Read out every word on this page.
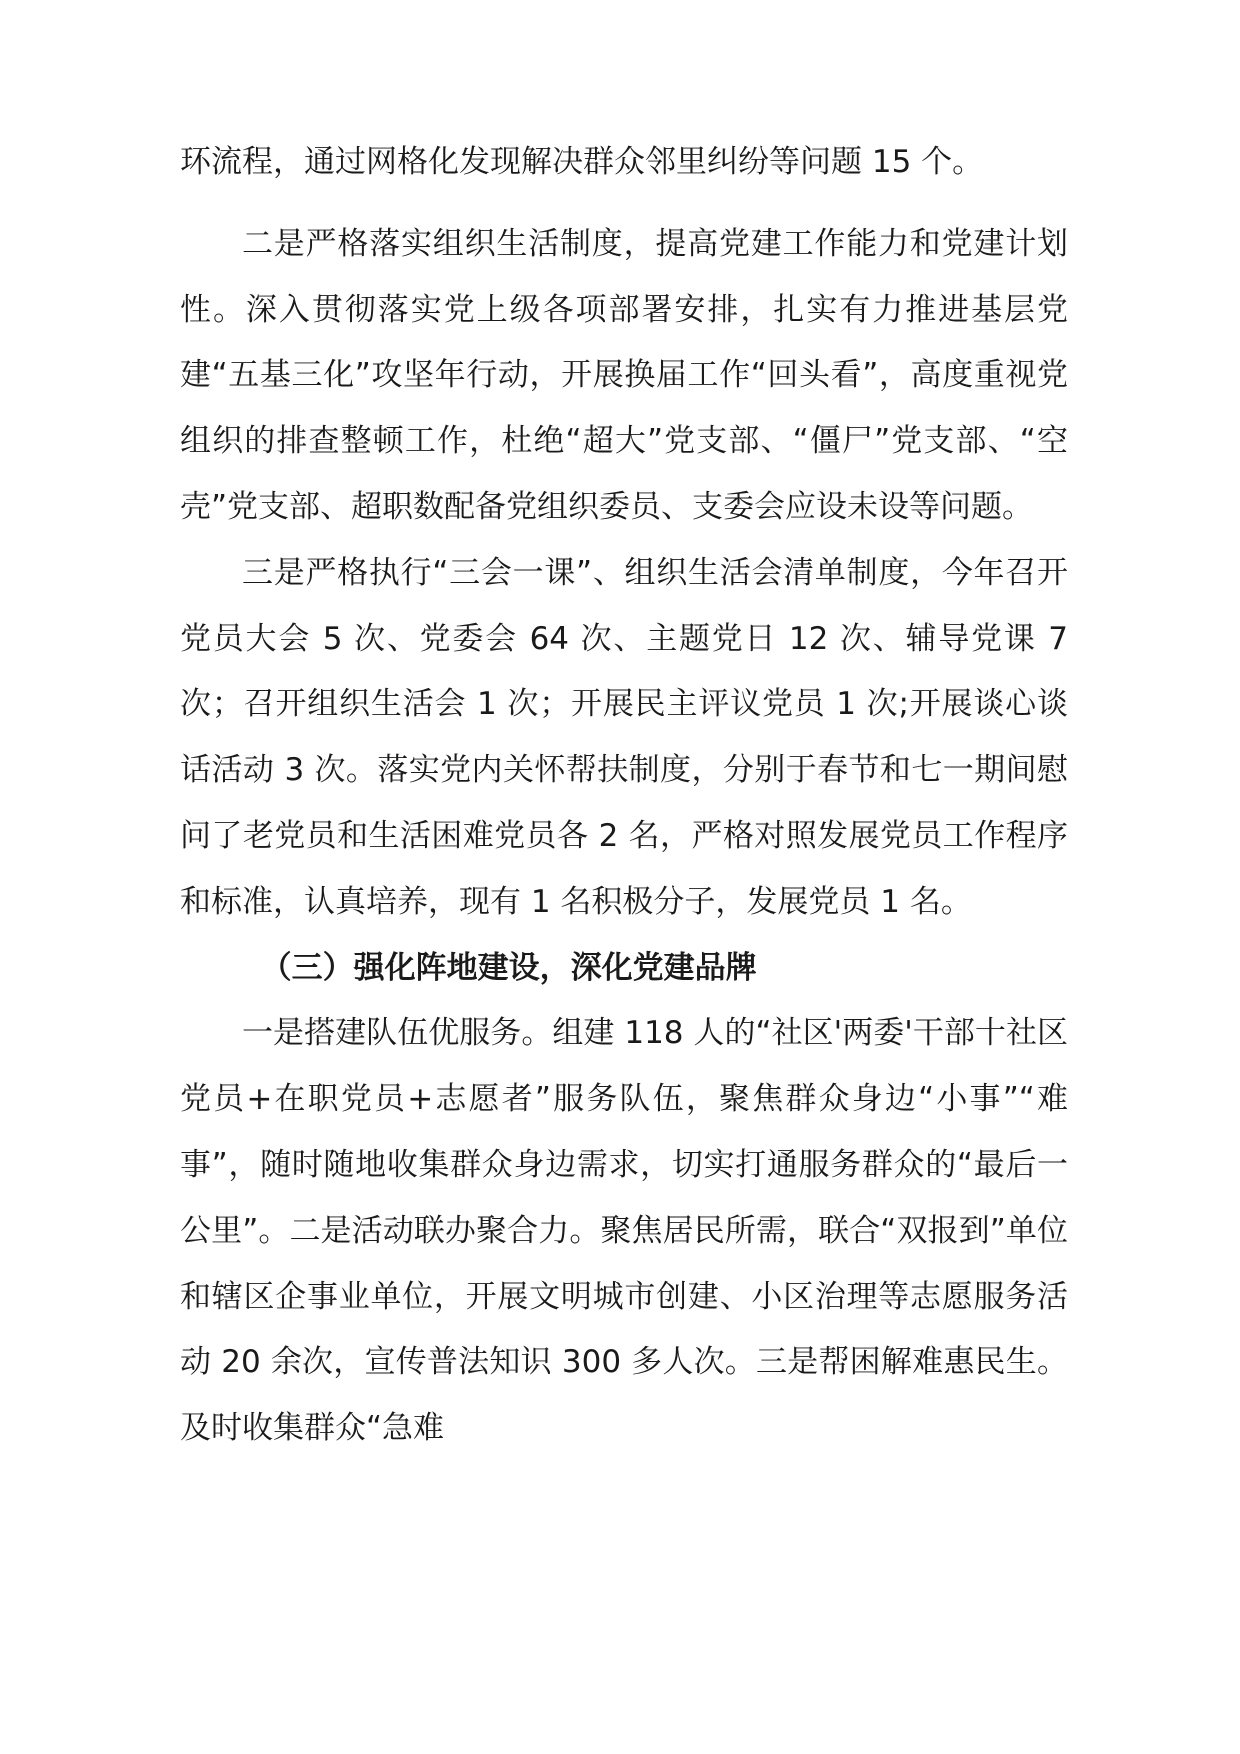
环流程，通过网格化发现解决群众邻里纠纷等问题 15 个。

二是严格落实组织生活制度，提高党建工作能力和党建计划性。深入贯彻落实党上级各项部署安排，扎实有力推进基层党建“五基三化”攻坚年行动，开展换届工作“回头看”，高度重视党组织的排查整顿工作，杜绝“超大”党支部、“僵尸”党支部、“空壳”党支部、超职数配备党组织委员、支委会应设未设等问题。

三是严格执行“三会一课”、组织生活会清单制度，今年召开党员大会 5 次、党委会 64 次、主题党日 12 次、辅导党课 7 次；召开组织生活会 1 次；开展民主评议党员 1 次;开展谈心谈话活动 3 次。落实党内关怀帮扶制度，分别于春节和七一期间慰问了老党员和生活困难党员各 2 名，严格对照发展党员工作程序和标准，认真培养，现有 1 名积极分子，发展党员 1 名。

（三）强化阵地建设，深化党建品牌

一是搭建队伍优服务。组建 118 人的“社区'两委'干部十社区党员+在职党员+志愿者”服务队伍，聚焦群众身边“小事”“难事”，随时随地收集群众身边需求，切实打通服务群众的“最后一公里”。二是活动联办聚合力。聚焦居民所需，联合“双报到”单位和辖区企事业单位，开展文明城市创建、小区治理等志愿服务活动 20 余次，宣传普法知识 300 多人次。三是帮困解难惠民生。及时收集群众“急难
